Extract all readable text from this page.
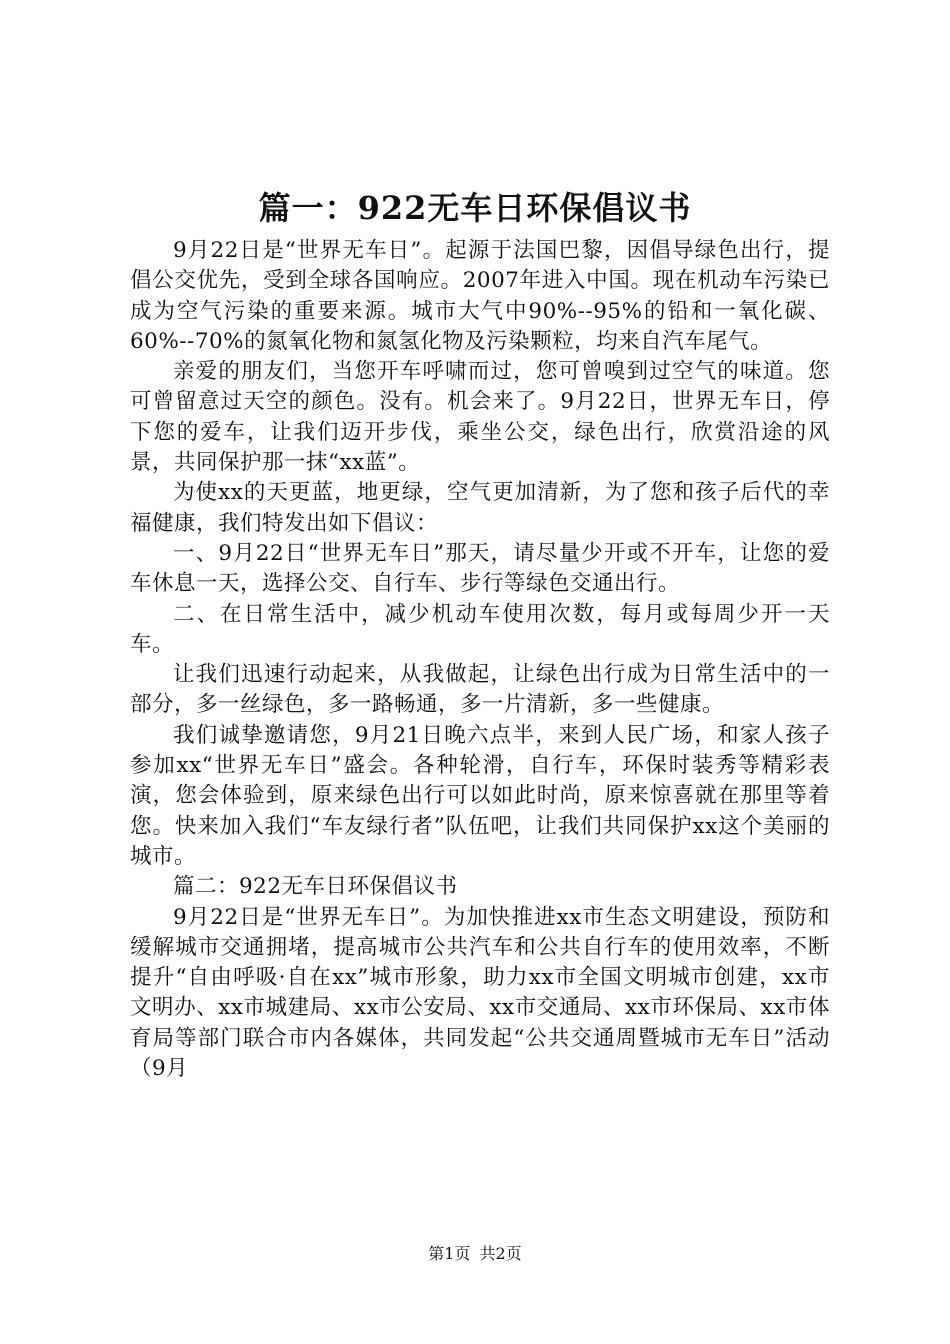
篇一：922无车日环保倡议书

9月22日是“世界无车日”。起源于法国巴黎，因倡导绿色出行，提倡公交优先，受到全球各国响应。2007年进入中国。现在机动车污染已成为空气污染的重要来源。城市大气中90%--95%的铅和一氧化碳、60%--70%的氮氧化物和氮氢化物及污染颗粒，均来自汽车尾气。

亲爱的朋友们，当您开车呼啸而过，您可曾嗅到过空气的味道。您可曾留意过天空的颜色。没有。机会来了。9月22日，世界无车日，停下您的爱车，让我们迈开步伐，乘坐公交，绿色出行，欣赏沿途的风景，共同保护那一抹“xx蓝”。

为使xx的天更蓝，地更绿，空气更加清新，为了您和孩子后代的幸福健康，我们特发出如下倡议：

一、9月22日“世界无车日”那天，请尽量少开或不开车，让您的爱车休息一天，选择公交、自行车、步行等绿色交通出行。

二、在日常生活中，减少机动车使用次数，每月或每周少开一天车。

让我们迅速行动起来，从我做起，让绿色出行成为日常生活中的一部分，多一丝绿色，多一路畅通，多一片清新，多一些健康。

我们诚挚邀请您，9月21日晚六点半，来到人民广场，和家人孩子参加xx“世界无车日”盛会。各种轮滑，自行车，环保时装秀等精彩表演，您会体验到，原来绿色出行可以如此时尚，原来惊喜就在那里等着您。快来加入我们“车友绿行者”队伍吧，让我们共同保护xx这个美丽的城市。

篇二：922无车日环保倡议书

9月22日是“世界无车日”。为加快推进xx市生态文明建设，预防和缓解城市交通拥堵，提高城市公共汽车和公共自行车的使用效率，不断提升“自由呼吸·自在xx”城市形象，助力xx市全国文明城市创建，xx市文明办、xx市城建局、xx市公安局、xx市交通局、xx市环保局、xx市体育局等部门联合市内各媒体，共同发起“公共交通周暨城市无车日”活动（9月

第1页 共2页
